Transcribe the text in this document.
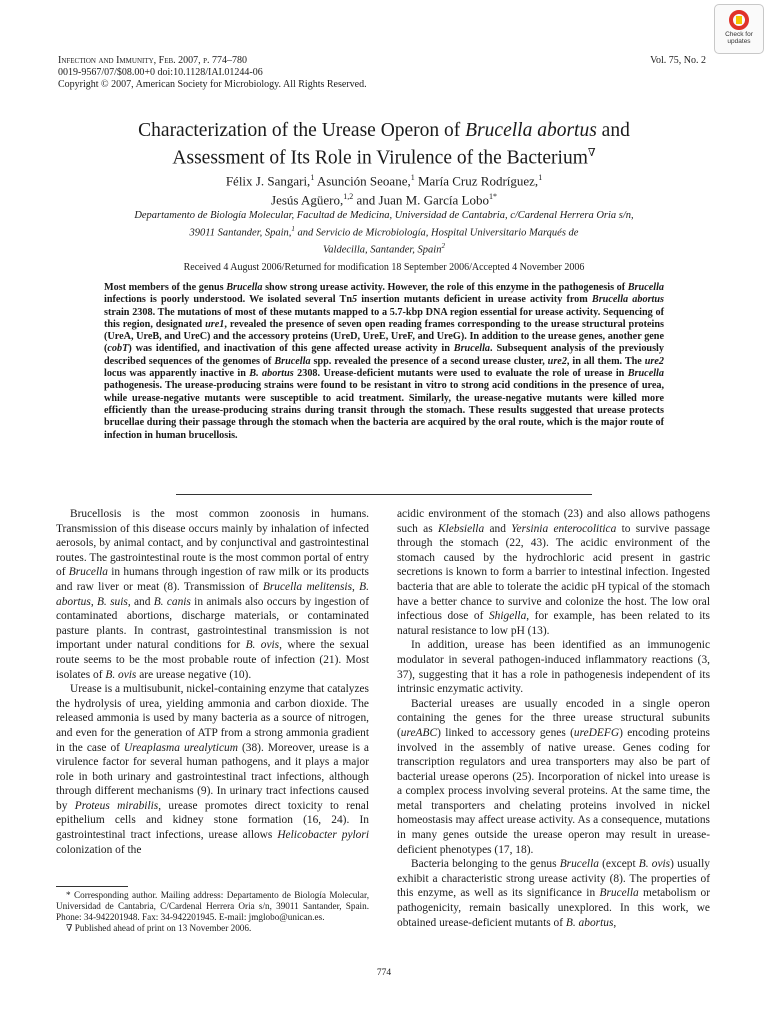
Infection and Immunity, Feb. 2007, p. 774–780
0019-9567/07/$08.00+0 doi:10.1128/IAI.01244-06
Copyright © 2007, American Society for Microbiology. All Rights Reserved.
Vol. 75, No. 2
Check for
updates
Characterization of the Urease Operon of Brucella abortus and
Assessment of Its Role in Virulence of the Bacterium∇
Félix J. Sangari,$^1$ Asunción Seoane,$^1$ María Cruz Rodríguez,$^1$
Jesús Agüero,$^{1,2}$ and Juan M. García Lobo$^{1*}$
Departamento de Biología Molecular, Facultad de Medicina, Universidad de Cantabria, c/Cardenal Herrera Oria s/n,
39011 Santander, Spain,$^1$ and Servicio de Microbiología, Hospital Universitario Marqués de
Valdecilla, Santander, Spain$^2$
Received 4 August 2006/Returned for modification 18 September 2006/Accepted 4 November 2006
Most members of the genus Brucella show strong urease activity. However, the role of this enzyme in the pathogenesis of Brucella infections is poorly understood. We isolated several Tn5 insertion mutants deficient in urease activity from Brucella abortus strain 2308. The mutations of most of these mutants mapped to a 5.7-kbp DNA region essential for urease activity. Sequencing of this region, designated ure1, revealed the presence of seven open reading frames corresponding to the urease structural proteins (UreA, UreB, and UreC) and the accessory proteins (UreD, UreE, UreF, and UreG). In addition to the urease genes, another gene (cobT) was identified, and inactivation of this gene affected urease activity in Brucella. Subsequent analysis of the previously described sequences of the genomes of Brucella spp. revealed the presence of a second urease cluster, ure2, in all them. The ure2 locus was apparently inactive in B. abortus 2308. Urease-deficient mutants were used to evaluate the role of urease in Brucella pathogenesis. The urease-producing strains were found to be resistant in vitro to strong acid conditions in the presence of urea, while urease-negative mutants were susceptible to acid treatment. Similarly, the urease-negative mutants were killed more efficiently than the urease-producing strains during transit through the stomach. These results suggested that urease protects brucellae during their passage through the stomach when the bacteria are acquired by the oral route, which is the major route of infection in human brucellosis.

Brucellosis is the most common zoonosis in humans. Transmission of this disease occurs mainly by inhalation of infected aerosols, by animal contact, and by conjunctival and gastrointestinal routes. The gastrointestinal route is the most common portal of entry of Brucella in humans through ingestion of raw milk or its products and raw liver or meat (8). Transmission of Brucella melitensis, B. abortus, B. suis, and B. canis in animals also occurs by ingestion of contaminated abortions, discharge materials, or contaminated pasture plants. In contrast, gastrointestinal transmission is not important under natural conditions for B. ovis, where the sexual route seems to be the most probable route of infection (21). Most isolates of B. ovis are urease negative (10).

Urease is a multisubunit, nickel-containing enzyme that catalyzes the hydrolysis of urea, yielding ammonia and carbon dioxide. The released ammonia is used by many bacteria as a source of nitrogen, and even for the generation of ATP from a strong ammonia gradient in the case of Ureaplasma urealyticum (38). Moreover, urease is a virulence factor for several human pathogens, and it plays a major role in both urinary and gastrointestinal tract infections, although through different mechanisms (9). In urinary tract infections caused by Proteus mirabilis, urease promotes direct toxicity to renal epithelium cells and kidney stone formation (16, 24). In gastrointestinal tract infections, urease allows Helicobacter pylori colonization of the

* Corresponding author. Mailing address: Departamento de Biología Molecular, Universidad de Cantabria, C/Cardenal Herrera Oria s/n, 39011 Santander, Spain. Phone: 34-942201948. Fax: 34-942201945. E-mail: jmglobo@unican.es.

∇ Published ahead of print on 13 November 2006.

acidic environment of the stomach (23) and also allows pathogens such as Klebsiella and Yersinia enterocolitica to survive passage through the stomach (22, 43). The acidic environment of the stomach caused by the hydrochloric acid present in gastric secretions is known to form a barrier to intestinal infection. Ingested bacteria that are able to tolerate the acidic pH typical of the stomach have a better chance to survive and colonize the host. The low oral infectious dose of Shigella, for example, has been related to its natural resistance to low pH (13).

In addition, urease has been identified as an immunogenic modulator in several pathogen-induced inflammatory reactions (3, 37), suggesting that it has a role in pathogenesis independent of its intrinsic enzymatic activity.

Bacterial ureases are usually encoded in a single operon containing the genes for the three urease structural subunits (ureABC) linked to accessory genes (ureDEFG) encoding proteins involved in the assembly of native urease. Genes coding for transcription regulators and urea transporters may also be part of bacterial urease operons (25). Incorporation of nickel into urease is a complex process involving several proteins. At the same time, the metal transporters and chelating proteins involved in nickel homeostasis may affect urease activity. As a consequence, mutations in many genes outside the urease operon may result in urease-deficient phenotypes (17, 18).

Bacteria belonging to the genus Brucella (except B. ovis) usually exhibit a characteristic strong urease activity (8). The properties of this enzyme, as well as its significance in Brucella metabolism or pathogenicity, remain basically unexplored. In this work, we obtained urease-deficient mutants of B. abortus,

774
